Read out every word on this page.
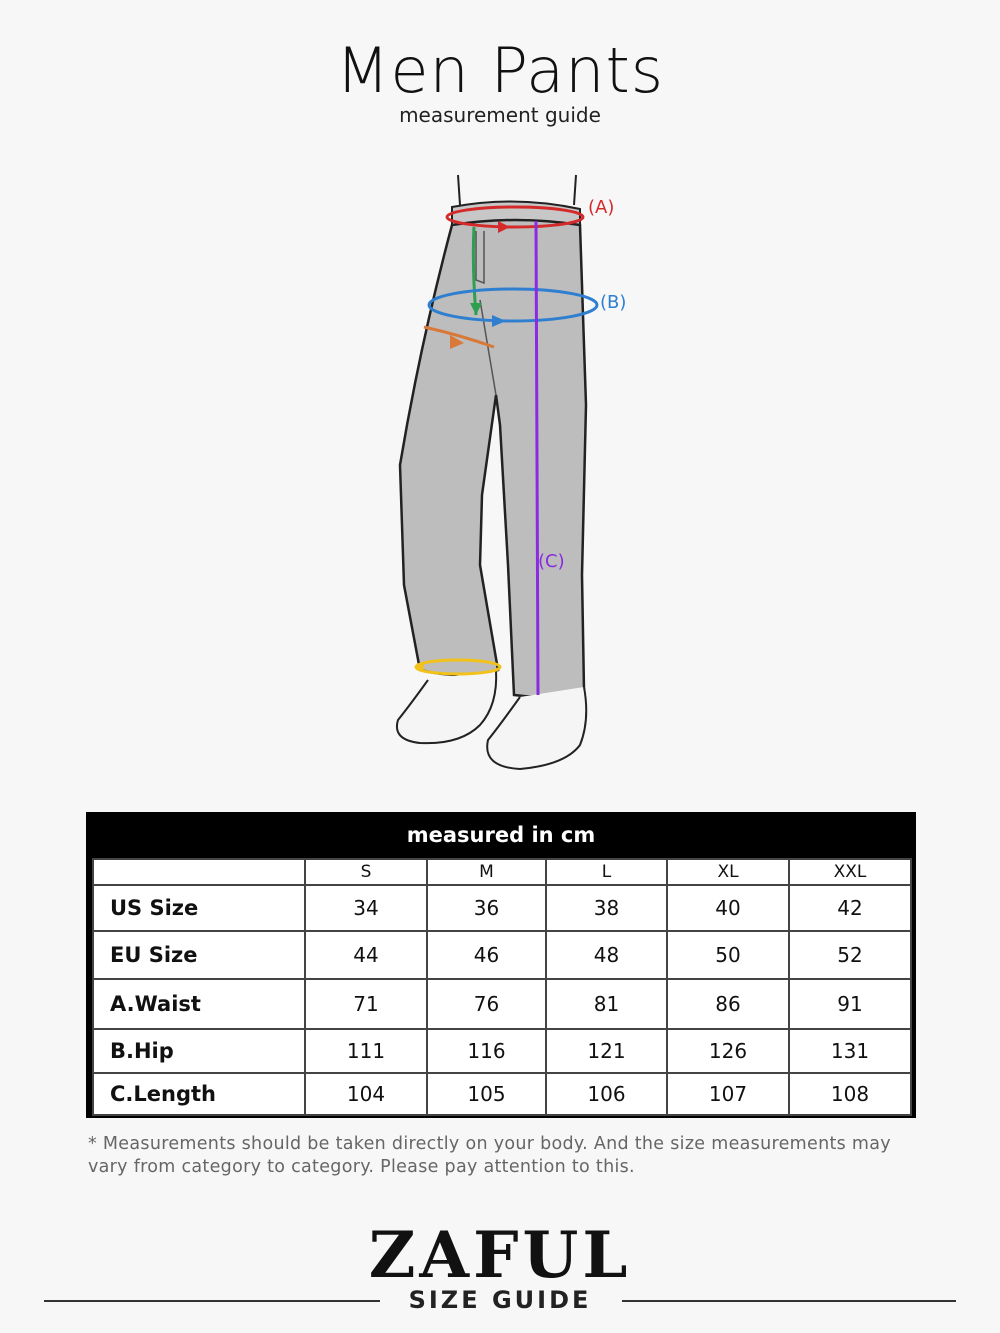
Men Pants
measurement guide
(A)
(B)
(C)
measured in cm
	S	M	L	XL	XXL
US Size	34	36	38	40	42
EU Size	44	46	48	50	52
A.Waist	71	76	81	86	91
B.Hip	111	116	121	126	131
C.Length	104	105	106	107	108
* Measurements should be taken directly on your body. And the size measurements may vary from category to category. Please pay attention to this.
ZAFUL
SIZE GUIDE
